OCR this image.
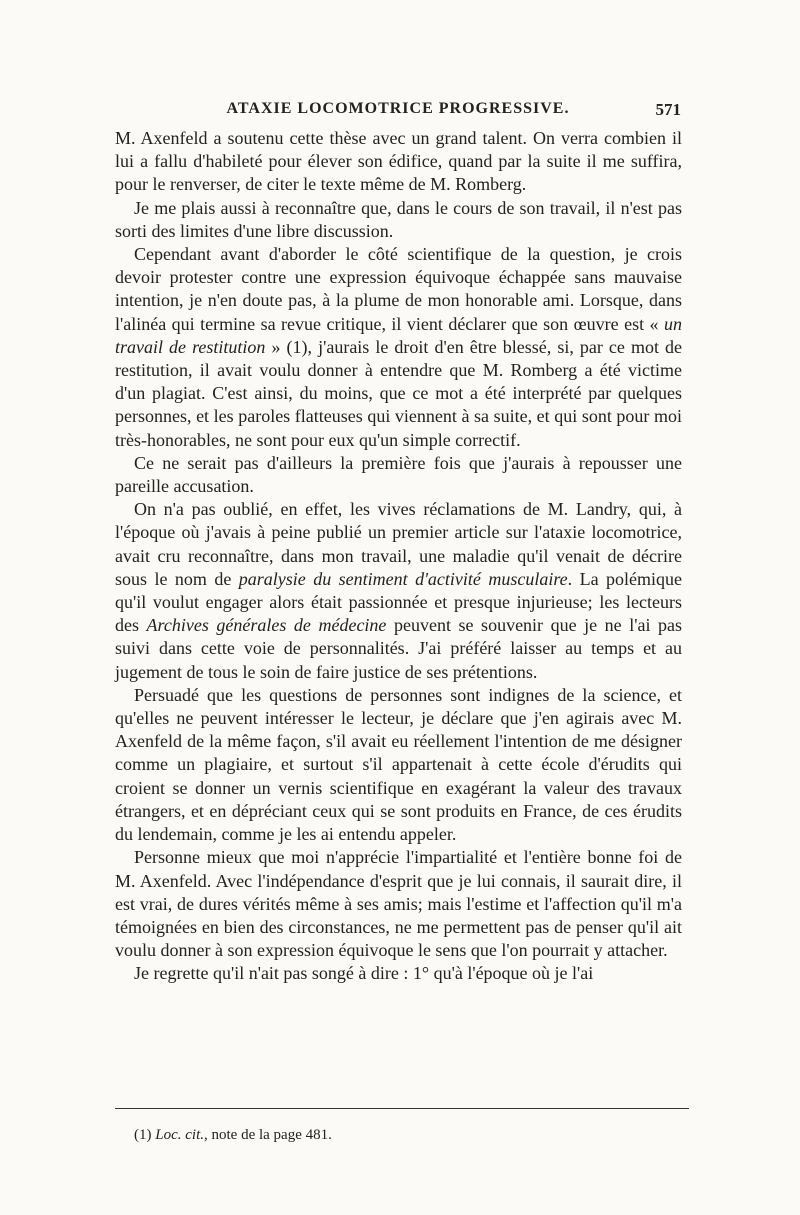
ATAXIE LOCOMOTRICE PROGRESSIVE.	571

M. Axenfeld a soutenu cette thèse avec un grand talent. On verra combien il lui a fallu d'habileté pour élever son édifice, quand par la suite il me suffira, pour le renverser, de citer le texte même de M. Romberg.

Je me plais aussi à reconnaître que, dans le cours de son travail, il n'est pas sorti des limites d'une libre discussion.

Cependant avant d'aborder le côté scientifique de la question, je crois devoir protester contre une expression équivoque échappée sans mauvaise intention, je n'en doute pas, à la plume de mon honorable ami. Lorsque, dans l'alinéa qui termine sa revue critique, il vient déclarer que son œuvre est « un travail de restitution » (1), j'aurais le droit d'en être blessé, si, par ce mot de restitution, il avait voulu donner à entendre que M. Romberg a été victime d'un plagiat. C'est ainsi, du moins, que ce mot a été interprété par quelques personnes, et les paroles flatteuses qui viennent à sa suite, et qui sont pour moi très-honorables, ne sont pour eux qu'un simple correctif.

Ce ne serait pas d'ailleurs la première fois que j'aurais à repousser une pareille accusation.

On n'a pas oublié, en effet, les vives réclamations de M. Landry, qui, à l'époque où j'avais à peine publié un premier article sur l'ataxie locomotrice, avait cru reconnaître, dans mon travail, une maladie qu'il venait de décrire sous le nom de paralysie du sentiment d'activité musculaire. La polémique qu'il voulut engager alors était passionnée et presque injurieuse; les lecteurs des Archives générales de médecine peuvent se souvenir que je ne l'ai pas suivi dans cette voie de personnalités. J'ai préféré laisser au temps et au jugement de tous le soin de faire justice de ses prétentions.

Persuadé que les questions de personnes sont indignes de la science, et qu'elles ne peuvent intéresser le lecteur, je déclare que j'en agirais avec M. Axenfeld de la même façon, s'il avait eu réellement l'intention de me désigner comme un plagiaire, et surtout s'il appartenait à cette école d'érudits qui croient se donner un vernis scientifique en exagérant la valeur des travaux étrangers, et en dépréciant ceux qui se sont produits en France, de ces érudits du lendemain, comme je les ai entendu appeler.

Personne mieux que moi n'apprécie l'impartialité et l'entière bonne foi de M. Axenfeld. Avec l'indépendance d'esprit que je lui connais, il saurait dire, il est vrai, de dures vérités même à ses amis; mais l'estime et l'affection qu'il m'a témoignées en bien des circonstances, ne me permettent pas de penser qu'il ait voulu donner à son expression équivoque le sens que l'on pourrait y attacher.

Je regrette qu'il n'ait pas songé à dire : 1° qu'à l'époque où je l'ai

(1) Loc. cit., note de la page 481.
